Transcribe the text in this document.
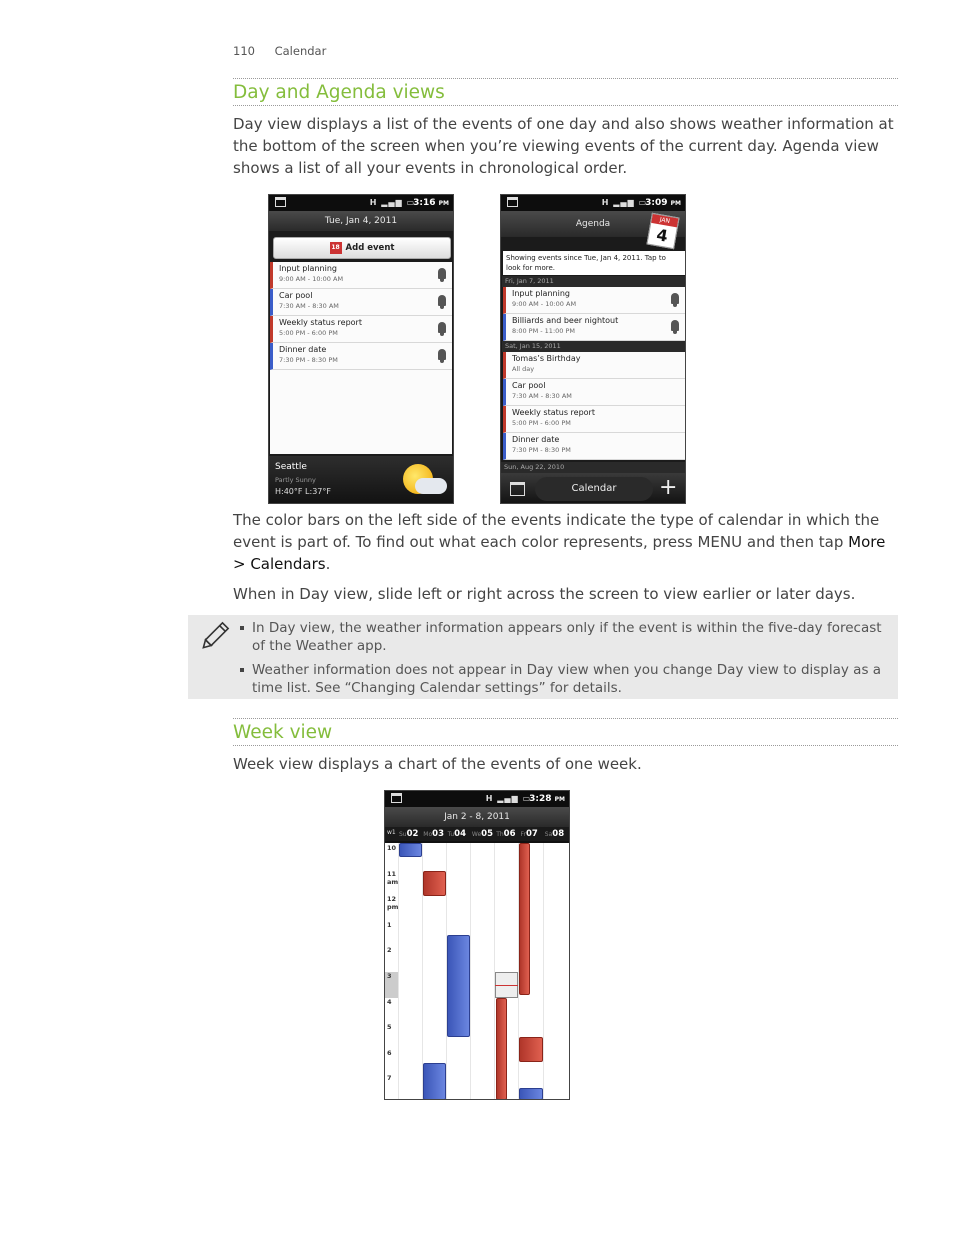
110 Calendar
Day and Agenda views
Day view displays a list of the events of one day and also shows weather information at the bottom of the screen when you’re viewing events of the current day. Agenda view shows a list of all your events in chronological order.
H ▂▄▆ ▭
3:16 PM
Tue, Jan 4, 2011
18 Add event
Input planning
9:00 AM - 10:00 AM
Car pool
7:30 AM - 8:30 AM
Weekly status report
5:00 PM - 6:00 PM
Dinner date
7:30 PM - 8:30 PM
Seattle
Partly Sunny
H:40°F L:37°F
H ▂▄▆ ▭
3:09 PM
Agenda	JAN
4
Showing events since Tue, Jan 4, 2011. Tap to look for more.
Fri, Jan 7, 2011
Input planning
9:00 AM - 10:00 AM
Billiards and beer nightout
8:00 PM - 11:00 PM
Sat, Jan 15, 2011
Tomas’s Birthday
All day
Car pool
7:30 AM - 8:30 AM
Weekly status report
5:00 PM - 6:00 PM
Dinner date
7:30 PM - 8:30 PM
Sun, Aug 22, 2010
Calendar	+
The color bars on the left side of the events indicate the type of calendar in which the event is part of. To find out what each color represents, press MENU and then tap More > Calendars.
When in Day view, slide left or right across the screen to view earlier or later days.
In Day view, the weather information appears only if the event is within the five-day forecast of the Weather app.
Weather information does not appear in Day view when you change Day view to display as a time list. See “Changing Calendar settings” for details.
Week view
Week view displays a chart of the events of one week.
H ▂▄▆ ▭
3:28 PM
Jan 2 - 8, 2011
w1 Su02 Mo03 Tu04 We05 Th06 Fr07 Sa08
10
11
am
12
pm
1
2
3
4
5
6
7
